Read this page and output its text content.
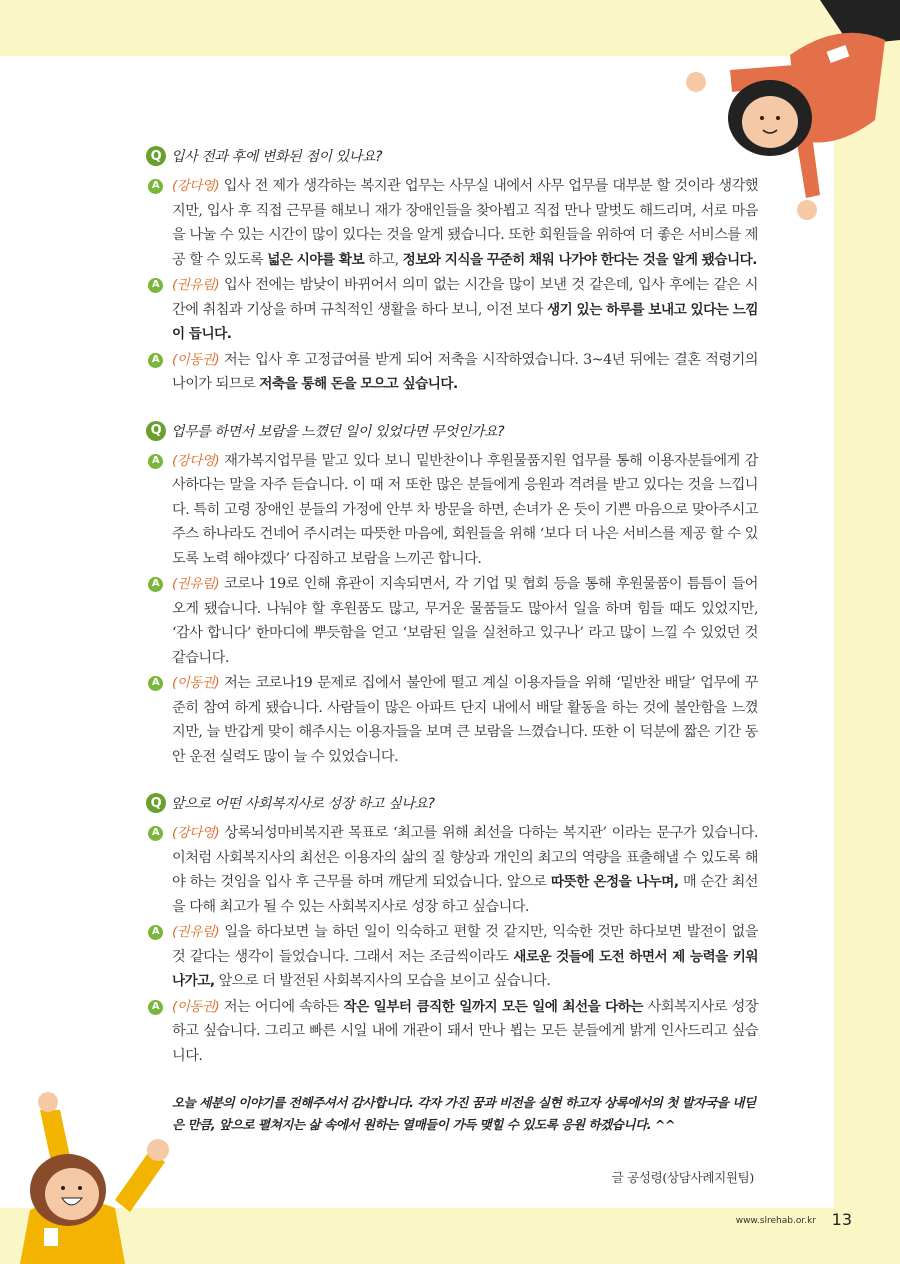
Q 입사 전과 후에 변화된 점이 있나요?
A (강다영) 입사 전 제가 생각하는 복지관 업무는 사무실 내에서 사무 업무를 대부분 할 것이라 생각했지만, 입사 후 직접 근무를 해보니 재가 장애인들을 찾아뵙고 직접 만나 말벗도 해드리며, 서로 마음을 나눌 수 있는 시간이 많이 있다는 것을 알게 됐습니다. 또한 회원들을 위하여 더 좋은 서비스를 제공 할 수 있도록 넓은 시야를 확보 하고, 정보와 지식을 꾸준히 채워 나가야 한다는 것을 알게 됐습니다.
A (권유림) 입사 전에는 밤낮이 바뀌어서 의미 없는 시간을 많이 보낸 것 같은데, 입사 후에는 같은 시간에 취침과 기상을 하며 규칙적인 생활을 하다 보니, 이전 보다 생기 있는 하루를 보내고 있다는 느낌이 듭니다.
A (이동권) 저는 입사 후 고정급여를 받게 되어 저축을 시작하였습니다. 3~4년 뒤에는 결혼 적령기의 나이가 되므로 저축을 통해 돈을 모으고 싶습니다.
Q 업무를 하면서 보람을 느꼈던 일이 있었다면 무엇인가요?
A (강다영) 재가복지업무를 맡고 있다 보니 밑반찬이나 후원물품지원 업무를 통해 이용자분들에게 감사하다는 말을 자주 듣습니다. 이 때 저 또한 많은 분들에게 응원과 격려를 받고 있다는 것을 느낍니다. 특히 고령 장애인 분들의 가정에 안부 차 방문을 하면, 손녀가 온 듯이 기쁜 마음으로 맞아주시고 주스 하나라도 건네어 주시려는 따뜻한 마음에, 회원들을 위해 ‘보다 더 나은 서비스를 제공 할 수 있도록 노력 해야겠다’ 다짐하고 보람을 느끼곤 합니다.
A (권유림) 코로나 19로 인해 휴관이 지속되면서, 각 기업 및 협회 등을 통해 후원물품이 틈틈이 들어오게 됐습니다. 나눠야 할 후원품도 많고, 무거운 물품들도 많아서 일을 하며 힘들 때도 있었지만, ‘감사 합니다’ 한마디에 뿌듯함을 얻고 ‘보람된 일을 실천하고 있구나’ 라고 많이 느낄 수 있었던 것 같습니다.
A (이동권) 저는 코로나19 문제로 집에서 불안에 떨고 계실 이용자들을 위해 ‘밑반찬 배달’ 업무에 꾸준히 참여 하게 됐습니다. 사람들이 많은 아파트 단지 내에서 배달 활동을 하는 것에 불안함을 느꼈지만, 늘 반갑게 맞이 해주시는 이용자들을 보며 큰 보람을 느꼈습니다. 또한 이 덕분에 짧은 기간 동안 운전 실력도 많이 늘 수 있었습니다.
Q 앞으로 어떤 사회복지사로 성장 하고 싶나요?
A (강다영) 상록뇌성마비복지관 목표로 ‘최고를 위해 최선을 다하는 복지관’ 이라는 문구가 있습니다. 이처럼 사회복지사의 최선은 이용자의 삶의 질 향상과 개인의 최고의 역량을 표출해낼 수 있도록 해야 하는 것임을 입사 후 근무를 하며 깨닫게 되었습니다. 앞으로 따뜻한 온정을 나누며, 매 순간 최선을 다해 최고가 될 수 있는 사회복지사로 성장 하고 싶습니다.
A (권유림) 일을 하다보면 늘 하던 일이 익숙하고 편할 것 같지만, 익숙한 것만 하다보면 발전이 없을 것 같다는 생각이 들었습니다. 그래서 저는 조금씩이라도 새로운 것들에 도전 하면서 제 능력을 키워나가고, 앞으로 더 발전된 사회복지사의 모습을 보이고 싶습니다.
A (이동권) 저는 어디에 속하든 작은 일부터 큼직한 일까지 모든 일에 최선을 다하는 사회복지사로 성장하고 싶습니다. 그리고 빠른 시일 내에 개관이 돼서 만나 뵙는 모든 분들에게 밝게 인사드리고 싶습니다.
오늘 세분의 이야기를 전해주셔서 감사합니다. 각자 가진 꿈과 비전을 실현 하고자 상록에서의 첫 발자국을 내딛은 만큼, 앞으로 펼쳐지는 삶 속에서 원하는 열매들이 가득 맺힐 수 있도록 응원 하겠습니다. ^^
글 공성령(상담사례지원팀)
www.slrehab.or.kr 13
